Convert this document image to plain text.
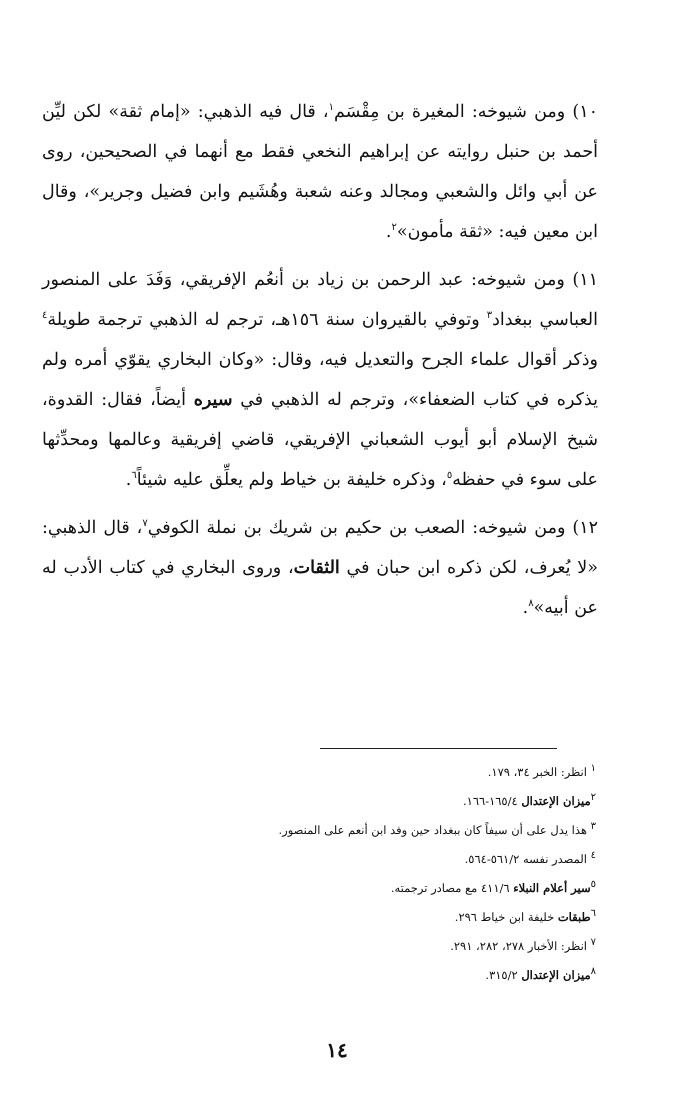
١٠) ومن شيوخه: المغيرة بن مِقْسَم$^١$، قال فيه الذهبي: «إمام ثقة» لكن ليِّن أحمد بن حنبل روايته عن إبراهيم النخعي فقط مع أنهما في الصحيحين، روى عن أبي وائل والشعبي ومجالد وعنه شعبة وهُشَيم وابن فضيل وجرير»، وقال ابن معين فيه: «ثقة مأمون»$^٢$.

١١) ومن شيوخه: عبد الرحمن بن زياد بن أنعُم الإفريقي، وَفَدَ على المنصور العباسي ببغداد$^٣$ وتوفي بالقيروان سنة ١٥٦هـ، ترجم له الذهبي ترجمة طويلة$^٤$ وذكر أقوال علماء الجرح والتعديل فيه، وقال: «وكان البخاري يقوّي أمره ولم يذكره في كتاب الضعفاء»، وترجم له الذهبي في سيره أيضاً، فقال: القدوة، شيخ الإسلام أبو أيوب الشعباني الإفريقي، قاضي إفريقية وعالمها ومحدِّثها على سوء في حفظه$^٥$، وذكره خليفة بن خياط ولم يعلِّق عليه شيئاً$^٦$.

١٢) ومن شيوخه: الصعب بن حكيم بن شريك بن نملة الكوفي$^٧$، قال الذهبي: «لا يُعرف، لكن ذكره ابن حبان في الثقات، وروى البخاري في كتاب الأدب له عن أبيه»$^٨$.

$^١$ انظر: الخبر ٣٤، ١٧٩.
$^٢$ميزان الإعتدال ١٦٥/٤-١٦٦.
$^٣$ هذا يدل على أن سيفاً كان ببغداد حين وفد ابن أنعم على المنصور.
$^٤$ المصدر نفسه ٥٦١/٢-٥٦٤.
$^٥$سير أعلام النبلاء ٤١١/٦ مع مصادر ترجمته.
$^٦$طبقات خليفة ابن خياط ٢٩٦.
$^٧$ انظر: الأخبار ٢٧٨، ٢٨٢، ٢٩١.
$^٨$ميزان الإعتدال ٣١٥/٢.
١٤
